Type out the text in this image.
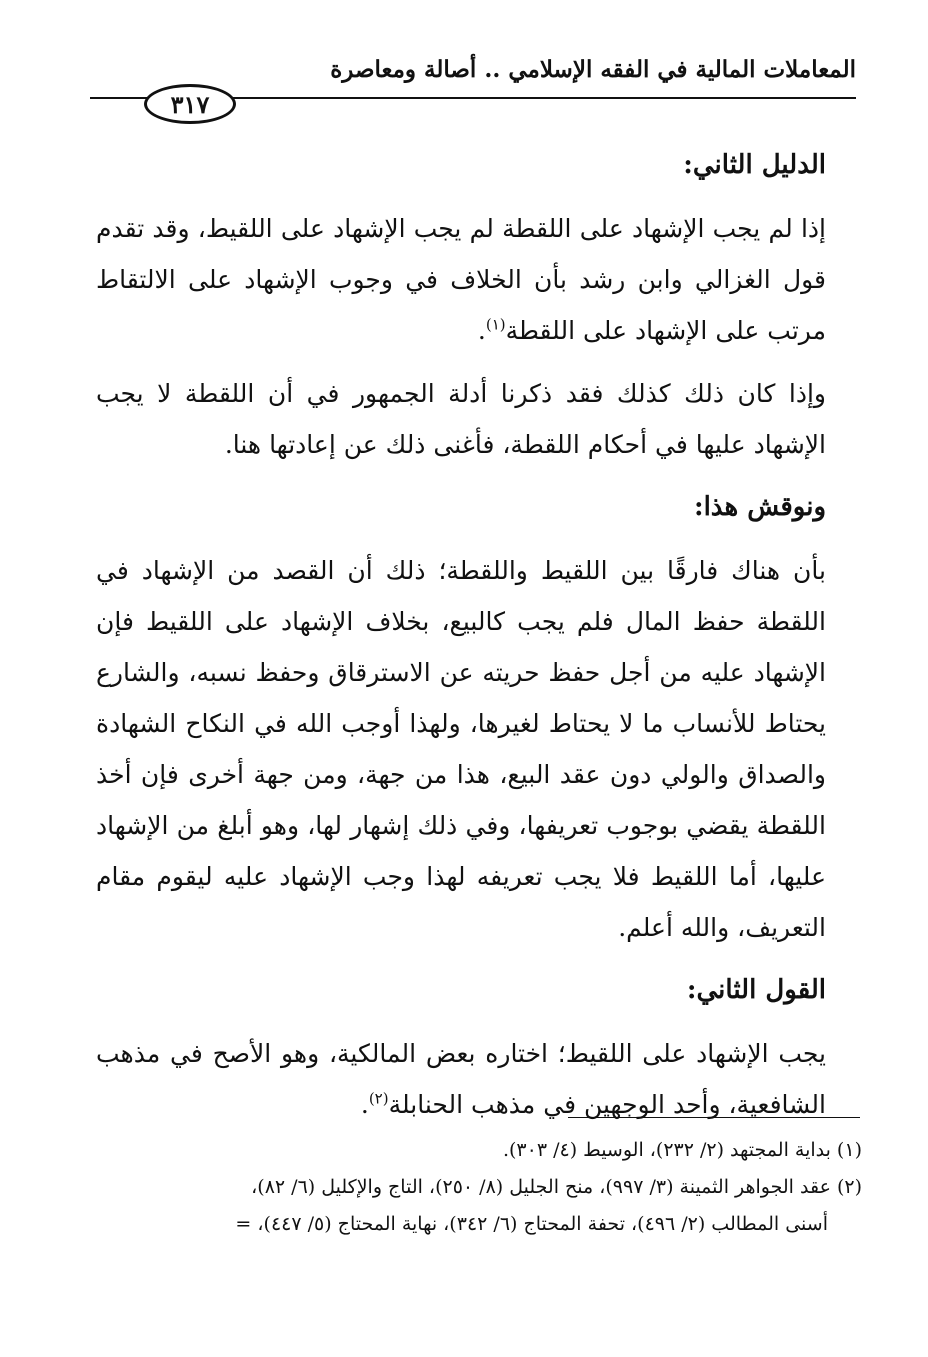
المعاملات المالية في الفقه الإسلامي .. أصالة ومعاصرة
٣١٧
الدليل الثاني:

إذا لم يجب الإشهاد على اللقطة لم يجب الإشهاد على اللقيط، وقد تقدم قول الغزالي وابن رشد بأن الخلاف في وجوب الإشهاد على الالتقاط مرتب على الإشهاد على اللقطة$^{(١)}$.

وإذا كان ذلك كذلك فقد ذكرنا أدلة الجمهور في أن اللقطة لا يجب الإشهاد عليها في أحكام اللقطة، فأغنى ذلك عن إعادتها هنا.

ونوقش هذا:

بأن هناك فارقًا بين اللقيط واللقطة؛ ذلك أن القصد من الإشهاد في اللقطة حفظ المال فلم يجب كالبيع، بخلاف الإشهاد على اللقيط فإن الإشهاد عليه من أجل حفظ حريته عن الاسترقاق وحفظ نسبه، والشارع يحتاط للأنساب ما لا يحتاط لغيرها، ولهذا أوجب الله في النكاح الشهادة والصداق والولي دون عقد البيع، هذا من جهة، ومن جهة أخرى فإن أخذ اللقطة يقضي بوجوب تعريفها، وفي ذلك إشهار لها، وهو أبلغ من الإشهاد عليها، أما اللقيط فلا يجب تعريفه لهذا وجب الإشهاد عليه ليقوم مقام التعريف، والله أعلم.

القول الثاني:

يجب الإشهاد على اللقيط؛ اختاره بعض المالكية، وهو الأصح في مذهب الشافعية، وأحد الوجهين في مذهب الحنابلة$^{(٢)}$.

(١) بداية المجتهد (٢/ ٢٣٢)، الوسيط (٤/ ٣٠٣).
(٢) عقد الجواهر الثمينة (٣/ ٩٩٧)، منح الجليل (٨/ ٢٥٠)، التاج والإكليل (٦/ ٨٢)،
أسنى المطالب (٢/ ٤٩٦)، تحفة المحتاج (٦/ ٣٤٢)، نهاية المحتاج (٥/ ٤٤٧)، =
